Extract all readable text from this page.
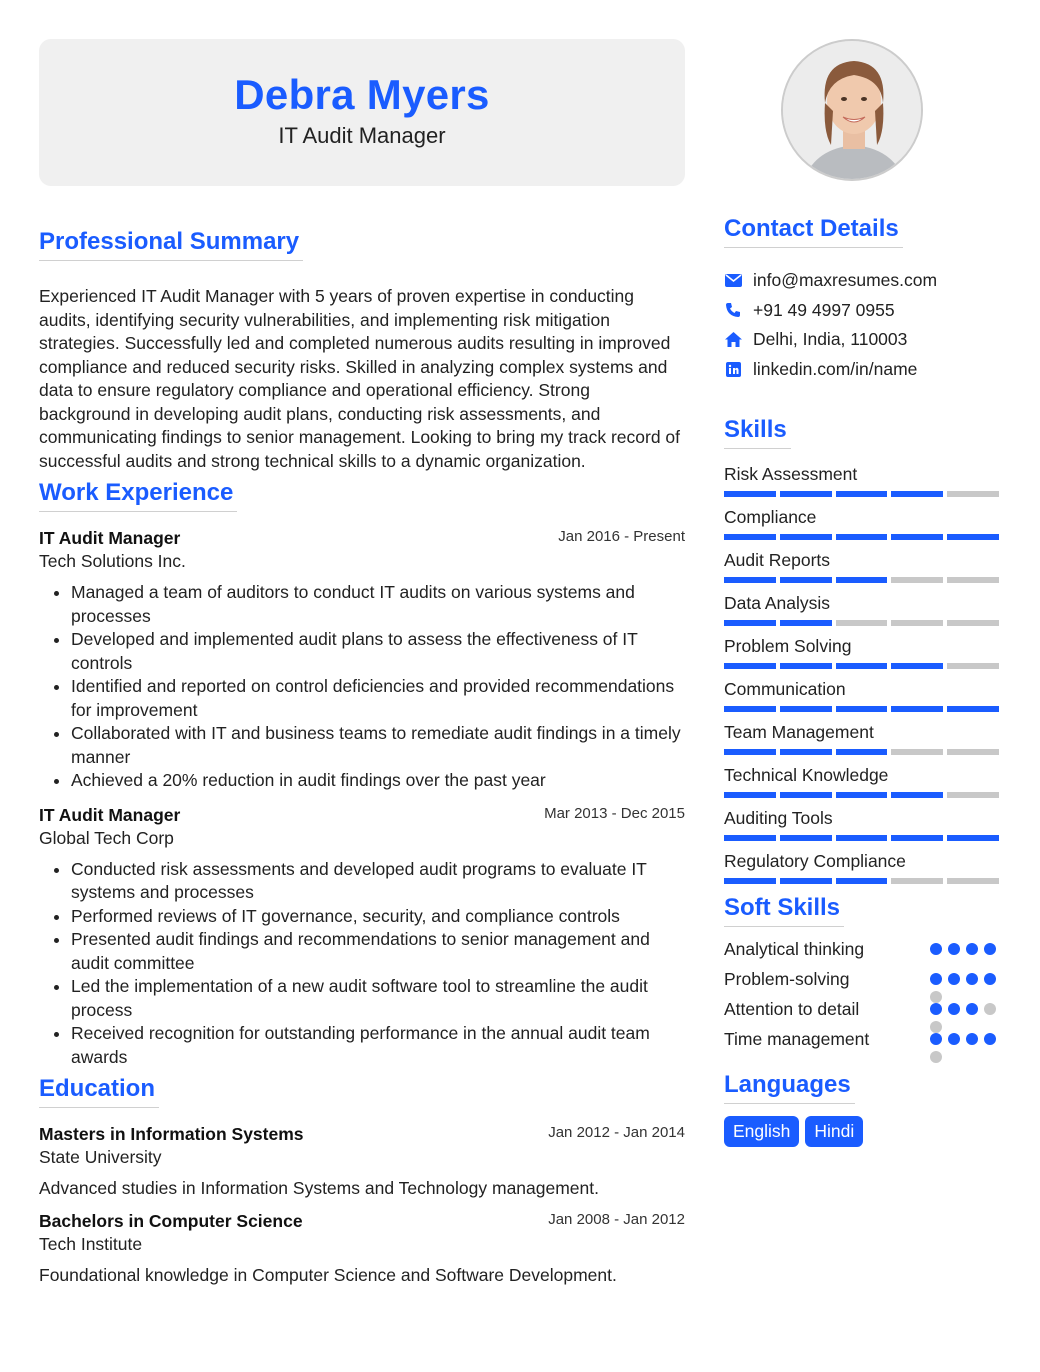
Debra Myers
IT Audit Manager
Professional Summary

Experienced IT Audit Manager with 5 years of proven expertise in conducting audits, identifying security vulnerabilities, and implementing risk mitigation strategies. Successfully led and completed numerous audits resulting in improved compliance and reduced security risks. Skilled in analyzing complex systems and data to ensure regulatory compliance and operational efficiency. Strong background in developing audit plans, conducting risk assessments, and communicating findings to senior management. Looking to bring my track record of successful audits and strong technical skills to a dynamic organization.

Work Experience
IT Audit Manager	Jan 2016 - Present
Tech Solutions Inc.
• Managed a team of auditors to conduct IT audits on various systems and processes
• Developed and implemented audit plans to assess the effectiveness of IT controls
• Identified and reported on control deficiencies and provided recommendations for improvement
• Collaborated with IT and business teams to remediate audit findings in a timely manner
• Achieved a 20% reduction in audit findings over the past year
IT Audit Manager	Mar 2013 - Dec 2015
Global Tech Corp
• Conducted risk assessments and developed audit programs to evaluate IT systems and processes
• Performed reviews of IT governance, security, and compliance controls
• Presented audit findings and recommendations to senior management and audit committee
• Led the implementation of a new audit software tool to streamline the audit process
• Received recognition for outstanding performance in the annual audit team awards
Education
Masters in Information Systems	Jan 2012 - Jan 2014
State University
Advanced studies in Information Systems and Technology management.
Bachelors in Computer Science	Jan 2008 - Jan 2012
Tech Institute
Foundational knowledge in Computer Science and Software Development.
Contact Details
info@maxresumes.com
+91 49 4997 0955
Delhi, India, 110003
linkedin.com/in/name
Skills
Risk Assessment
Compliance
Audit Reports
Data Analysis
Problem Solving
Communication
Team Management
Technical Knowledge
Auditing Tools
Regulatory Compliance
Soft Skills
Analytical thinking
Problem-solving
Attention to detail
Time management
Languages
English	Hindi
